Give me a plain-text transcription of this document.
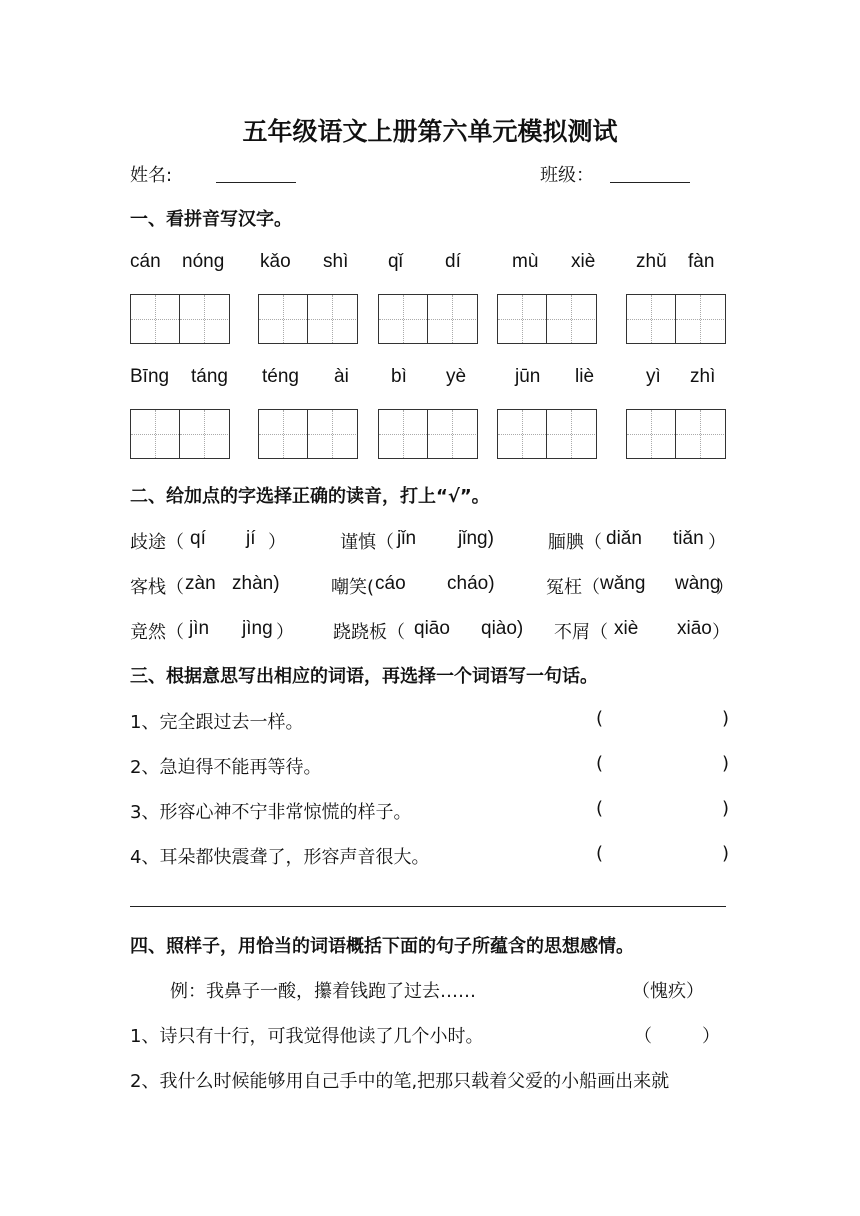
五年级语文上册第六单元模拟测试
姓名:	班级：
一、看拼音写汉字。
cán nóng kǎo shì qǐ dí	mù xiè zhǔ fàn
Bīng táng téng ài bì yè	jūn liè	yì zhì
二、给加点的字选择正确的读音，打上“√”。
歧途（ qí jí ）	谨慎（ jǐn jǐng)	腼腆（ diǎn tiǎn ）
客栈（ zàn zhàn)	嘲笑( cáo cháo)	冤枉（ wǎng wàng
）
竟然（ jìn jìng ） 跷跷板（ qiāo qiào) 不屑（ xiè xiāo ）
三、根据意思写出相应的词语，再选择一个词语写一句话。
1、完全跟过去一样。	(	)
2、急迫得不能再等待。	(	)
3、形容心神不宁非常惊慌的样子。	(	)
4、耳朵都快震聋了，形容声音很大。	(	)
四、照样子，用恰当的词语概括下面的句子所蕴含的思想感情。
例：我鼻子一酸，攥着钱跑了过去……	（愧疚）
1、诗只有十行，可我觉得他读了几个小时。	（	）
2、我什么时候能够用自己手中的笔,把那只载着父爱的小船画出来就
